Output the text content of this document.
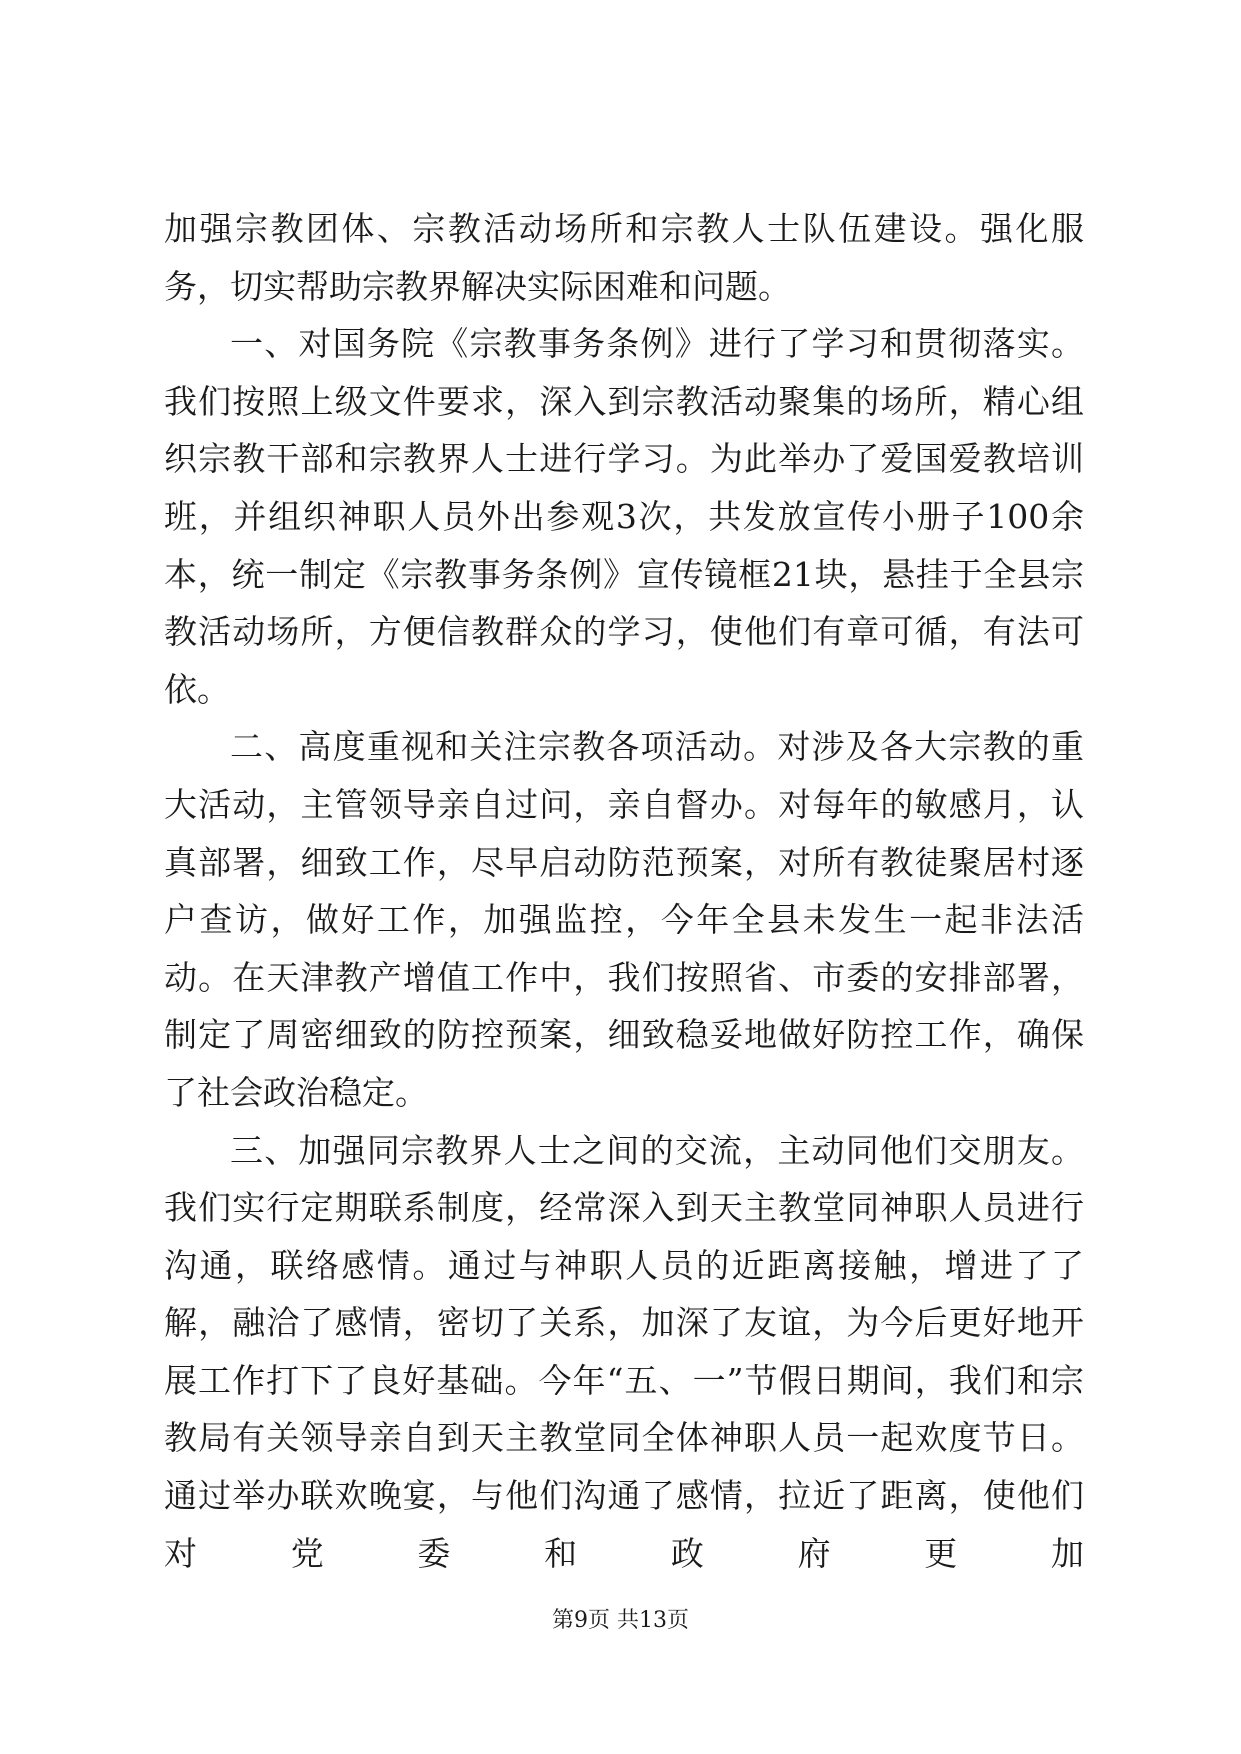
加强宗教团体、宗教活动场所和宗教人士队伍建设。强化服务，切实帮助宗教界解决实际困难和问题。

一、对国务院《宗教事务条例》进行了学习和贯彻落实。我们按照上级文件要求，深入到宗教活动聚集的场所，精心组织宗教干部和宗教界人士进行学习。为此举办了爱国爱教培训班，并组织神职人员外出参观3次，共发放宣传小册子100余本，统一制定《宗教事务条例》宣传镜框21块，悬挂于全县宗教活动场所，方便信教群众的学习，使他们有章可循，有法可依。

二、高度重视和关注宗教各项活动。对涉及各大宗教的重大活动，主管领导亲自过问，亲自督办。对每年的敏感月，认真部署，细致工作，尽早启动防范预案，对所有教徒聚居村逐户查访，做好工作，加强监控，今年全县未发生一起非法活动。在天津教产增值工作中，我们按照省、市委的安排部署，制定了周密细致的防控预案，细致稳妥地做好防控工作，确保了社会政治稳定。

三、加强同宗教界人士之间的交流，主动同他们交朋友。我们实行定期联系制度，经常深入到天主教堂同神职人员进行沟通，联络感情。通过与神职人员的近距离接触，增进了了解，融洽了感情，密切了关系，加深了友谊，为今后更好地开展工作打下了良好基础。今年“五、一”节假日期间，我们和宗教局有关领导亲自到天主教堂同全体神职人员一起欢度节日。通过举办联欢晚宴，与他们沟通了感情，拉近了距离，使他们对党委和政府更加

第9页 共13页
